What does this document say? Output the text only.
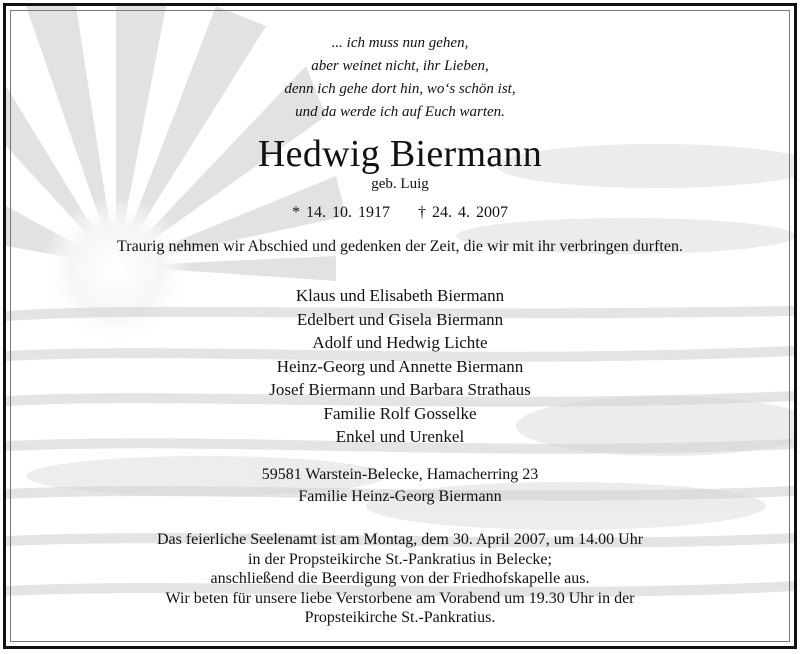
... ich muss nun gehen,
aber weinet nicht, ihr Lieben,
denn ich gehe dort hin, wo‘s schön ist,
und da werde ich auf Euch warten.
Hedwig Biermann
geb. Luig
* 14. 10. 1917 † 24. 4. 2007
Traurig nehmen wir Abschied und gedenken der Zeit, die wir mit ihr verbringen durften.
Klaus und Elisabeth Biermann
Edelbert und Gisela Biermann
Adolf und Hedwig Lichte
Heinz-Georg und Annette Biermann
Josef Biermann und Barbara Strathaus
Familie Rolf Gosselke
Enkel und Urenkel
59581 Warstein-Belecke, Hamacherring 23
Familie Heinz-Georg Biermann
Das feierliche Seelenamt ist am Montag, dem 30. April 2007, um 14.00 Uhr
in der Propsteikirche St.-Pankratius in Belecke;
anschließend die Beerdigung von der Friedhofskapelle aus.
Wir beten für unsere liebe Verstorbene am Vorabend um 19.30 Uhr in der
Propsteikirche St.-Pankratius.
